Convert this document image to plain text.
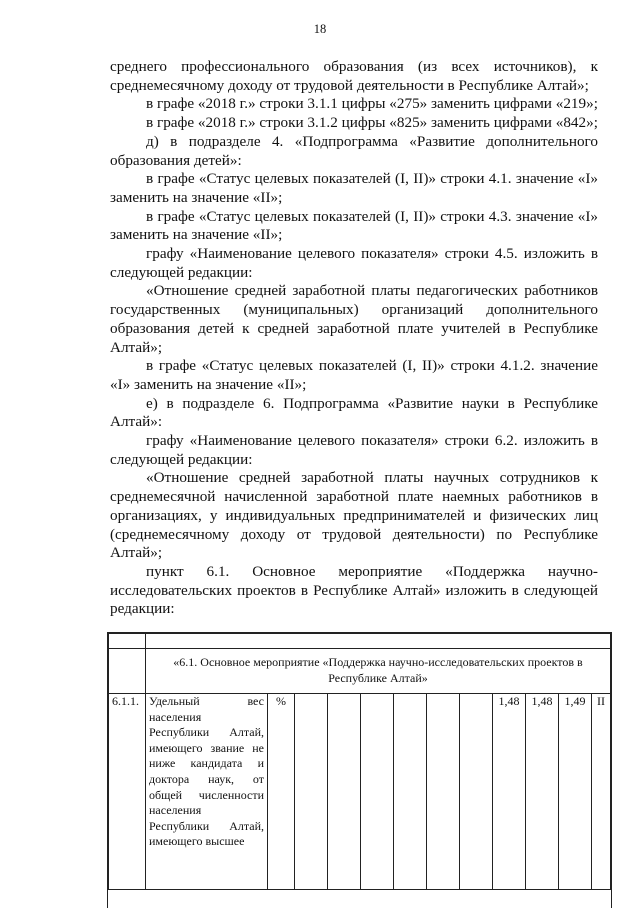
18

среднего профессионального образования (из всех источников), к среднемесячному доходу от трудовой деятельности в Республике Алтай»;

в графе «2018 г.» строки 3.1.1 цифры «275» заменить цифрами «219»;

в графе «2018 г.» строки 3.1.2 цифры «825» заменить цифрами «842»;

д) в подразделе 4. «Подпрограмма «Развитие дополнительного образования детей»:

в графе «Статус целевых показателей (I, II)» строки 4.1. значение «I» заменить на значение «II»;

в графе «Статус целевых показателей (I, II)» строки 4.3. значение «I» заменить на значение «II»;

графу «Наименование целевого показателя» строки 4.5. изложить в следующей редакции:

«Отношение средней заработной платы педагогических работников государственных (муниципальных) организаций дополнительного образования детей к средней заработной плате учителей в Республике Алтай»;

в графе «Статус целевых показателей (I, II)» строки 4.1.2. значение «I» заменить на значение «II»;

е) в подразделе 6. Подпрограмма «Развитие науки в Республике Алтай»:

графу «Наименование целевого показателя» строки 6.2. изложить в следующей редакции:

«Отношение средней заработной платы научных сотрудников к среднемесячной начисленной заработной плате наемных работников в организациях, у индивидуальных предпринимателей и физических лиц (среднемесячному доходу от трудовой деятельности) по Республике Алтай»;

пункт 6.1. Основное мероприятие «Поддержка научно-исследовательских проектов в Республике Алтай» изложить в следующей редакции:

	«6.1. Основное мероприятие «Поддержка научно-исследовательских проектов в Республике Алтай»											
6.1.1.	Удельный вес населения Республики Алтай, имеющего звание не ниже кандидата и доктора наук, от общей численности населения Республики Алтай, имеющего высшее	%							1,48	1,48	1,49	II
